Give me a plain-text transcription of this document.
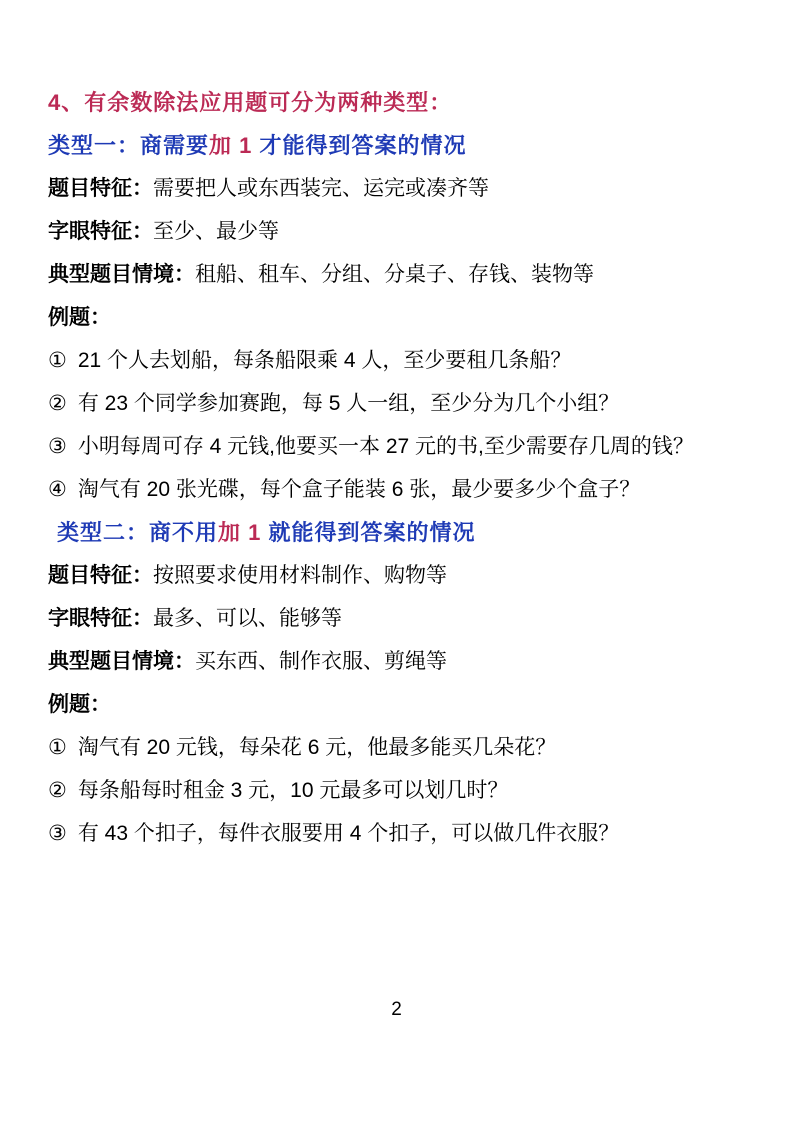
4、有余数除法应用题可分为两种类型：

类型一：商需要加 1 才能得到答案的情况

题目特征：需要把人或东西装完、运完或凑齐等

字眼特征：至少、最少等

典型题目情境：租船、租车、分组、分桌子、存钱、装物等

例题：

① 21 个人去划船，每条船限乘 4 人，至少要租几条船？

② 有 23 个同学参加赛跑，每 5 人一组，至少分为几个小组？

③ 小明每周可存 4 元钱,他要买一本 27 元的书,至少需要存几周的钱？

④ 淘气有 20 张光碟，每个盒子能装 6 张，最少要多少个盒子？

类型二：商不用加 1 就能得到答案的情况

题目特征：按照要求使用材料制作、购物等

字眼特征：最多、可以、能够等

典型题目情境：买东西、制作衣服、剪绳等

例题：

① 淘气有 20 元钱，每朵花 6 元，他最多能买几朵花？

② 每条船每时租金 3 元，10 元最多可以划几时？

③ 有 43 个扣子，每件衣服要用 4 个扣子，可以做几件衣服？

2
